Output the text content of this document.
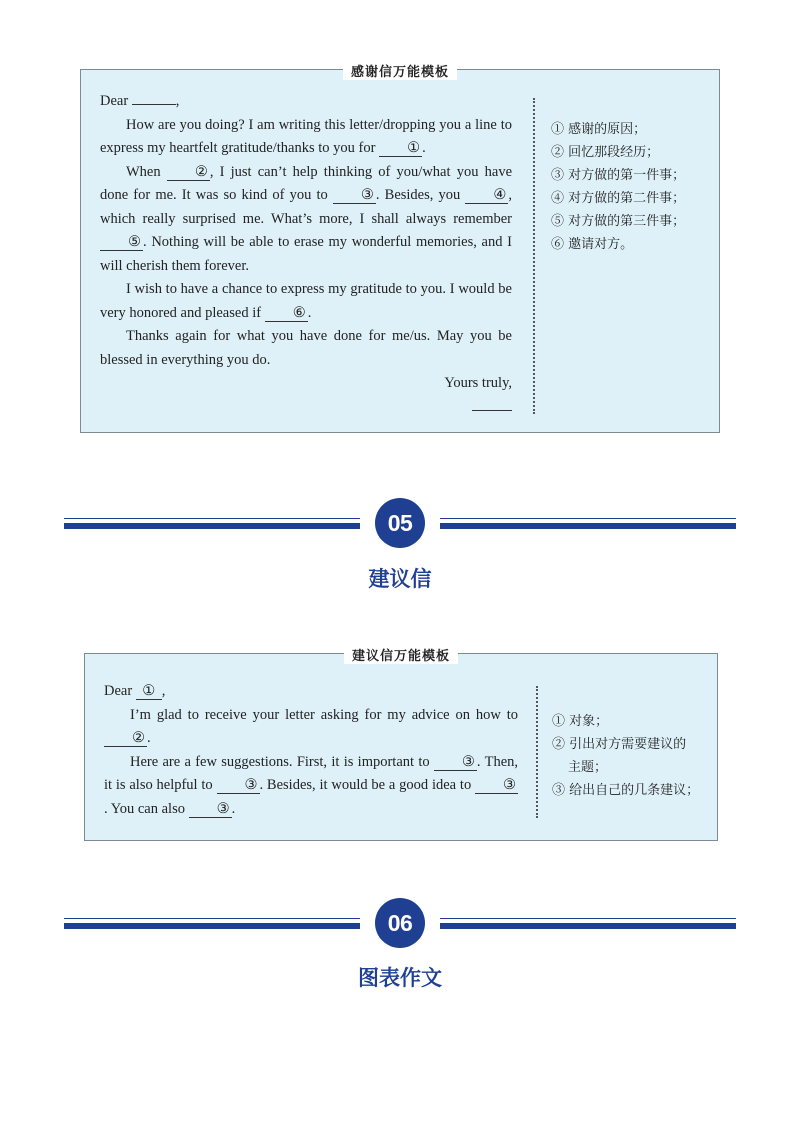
感谢信万能模板

Dear	,

How are you doing? I am writing this letter/dropping you a line to express my heartfelt gratitude/thanks to you for ① .

When ② , I just can’t help thinking of you/what you have done for me. It was so kind of you to ③ . Besides, you ④ , which really surprised me. What’s more, I shall always remember ⑤ . Nothing will be able to erase my wonderful memories, and I will cherish them forever.

I wish to have a chance to express my gratitude to you. I would be very honored and pleased if ⑥ .

Thanks again for what you have done for me/us. May you be blessed in everything you do.

Yours truly,

① 感谢的原因；
② 回忆那段经历；
③ 对方做的第一件事；
④ 对方做的第二件事；
⑤ 对方做的第三件事；
⑥ 邀请对方。
05
建议信
建议信万能模板

Dear ① ,

I’m glad to receive your letter asking for my advice on how to ② .

Here are a few suggestions. First, it is important to ③ . Then, it is also helpful to ③ . Besides, it would be a good idea to ③. You can also ③ .

① 对象；
② 引出对方需要建议的
主题；
③ 给出自己的几条建议；
06
图表作文
